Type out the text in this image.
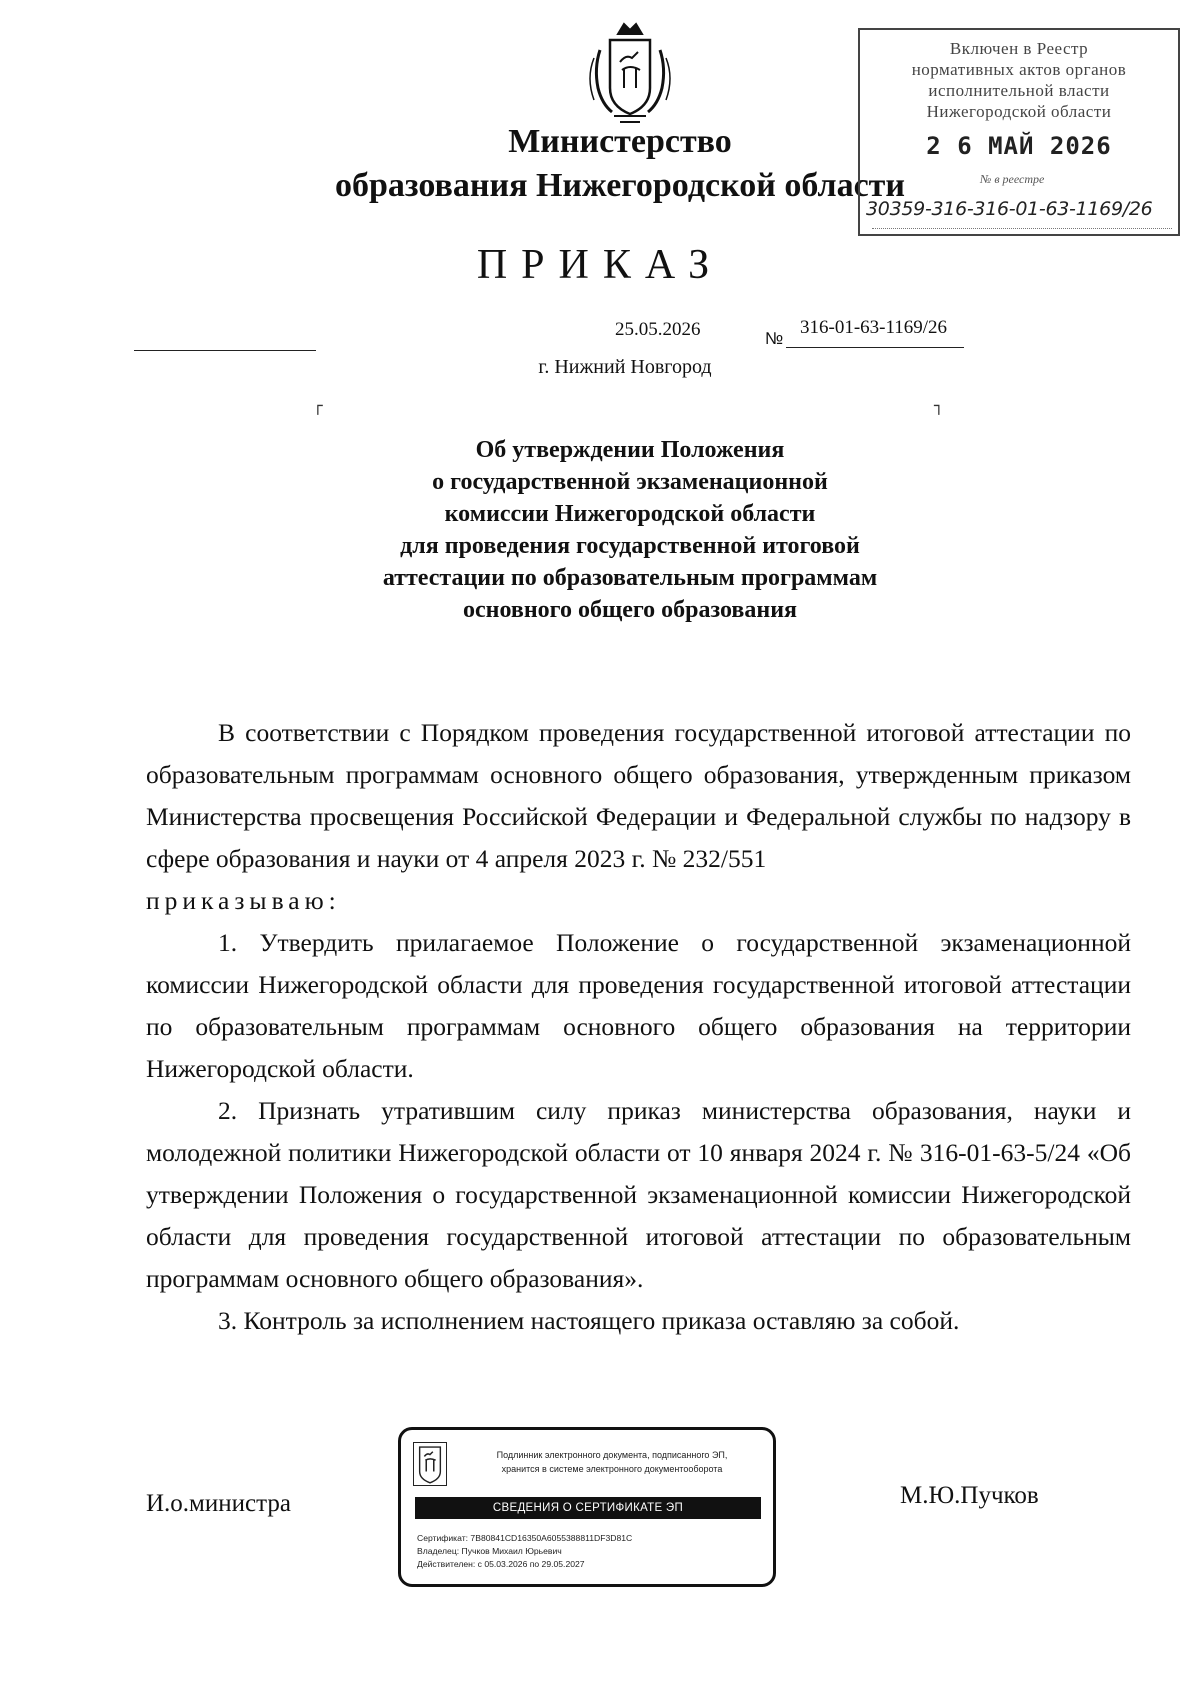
Министерство
образования Нижегородской области
Включен в Реестр
нормативных актов органов
исполнительной власти
Нижегородской области
2 6 МАЙ 2026
№ в реестре
30359-316-316-01-63-1169/26
ПРИКАЗ
25.05.2026	№
316-01-63-1169/26
г. Нижний Новгород
┌	┐
Об утверждении Положения
о государственной экзаменационной
комиссии Нижегородской области
для проведения государственной итоговой
аттестации по образовательным программам
основного общего образования

В соответствии с Порядком проведения государственной итоговой аттестации по образовательным программам основного общего образования, утвержденным приказом Министерства просвещения Российской Федерации и Федеральной службы по надзору в сфере образования и науки от 4 апреля 2023 г. № 232/551

приказываю:

1. Утвердить прилагаемое Положение о государственной экзаменационной комиссии Нижегородской области для проведения государственной итоговой аттестации по образовательным программам основного общего образования на территории Нижегородской области.

2. Признать утратившим силу приказ министерства образования, науки и молодежной политики Нижегородской области от 10 января 2024 г. № 316-01-63-5/24 «Об утверждении Положения о государственной экзаменационной комиссии Нижегородской области для проведения государственной итоговой аттестации по образовательным программам основного общего образования».

3. Контроль за исполнением настоящего приказа оставляю за собой.

И.о.министра	М.Ю.Пучков
Подлинник электронного документа, подписанного ЭП,
хранится в системе электронного документооборота
СВЕДЕНИЯ О СЕРТИФИКАТЕ ЭП
Сертификат: 7B80841CD16350A6055388811DF3D81C
Владелец: Пучков Михаил Юрьевич
Действителен: с 05.03.2026 по 29.05.2027
